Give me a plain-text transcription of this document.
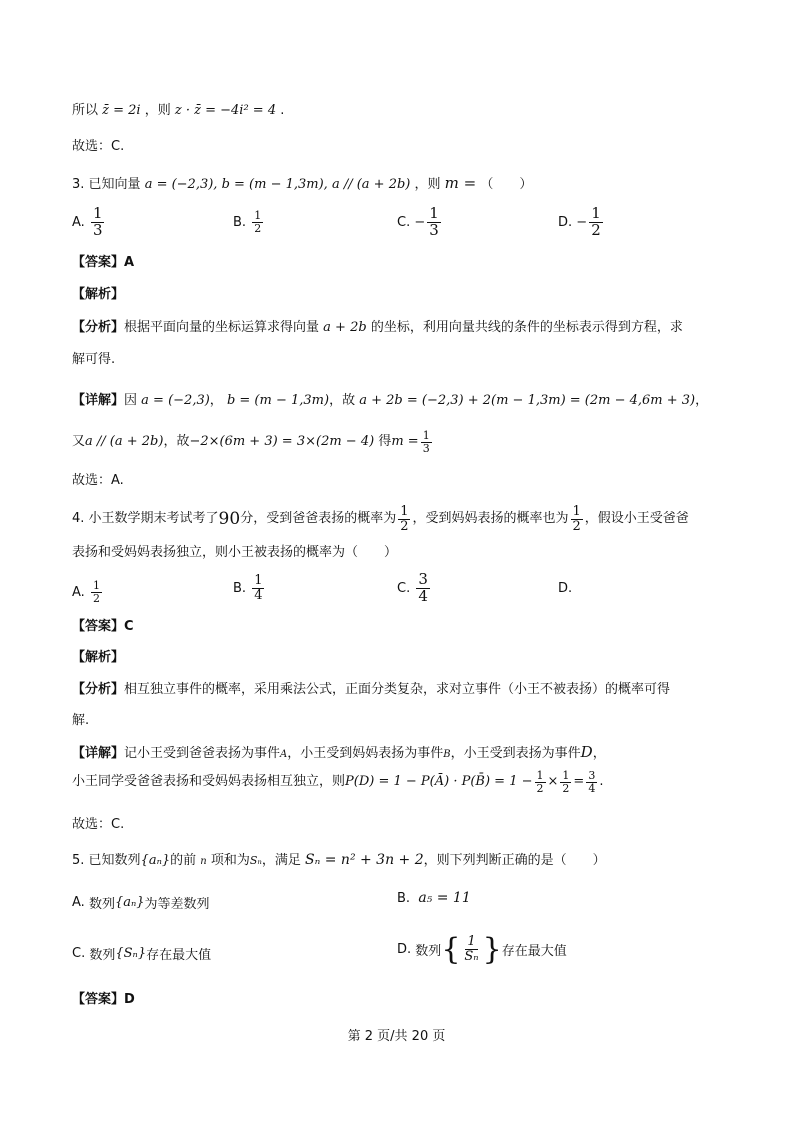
所以 z̄ = 2i ，则 z · z̄ = −4i² = 4 .
故选：C.
3. 已知向量 a = (−2,3), b = (m − 1,3m), a // (a + 2b) ，则 m = （　　）
A.
$\frac{1}{3}$	B.
$\frac{1}{2}$	C.
− $\frac{1}{3}$	D.
− $\frac{1}{2}$
【答案】A
【解析】
【分析】根据平面向量的坐标运算求得向量 a + 2b 的坐标，利用向量共线的条件的坐标表示得到方程，求
解可得.
【详解】因 a = (−2,3)， b = (m − 1,3m)，故 a + 2b = (−2,3) + 2(m − 1,3m) = (2m − 4,6m + 3)，
又 a // (a + 2b) ，故 −2×(6m + 3) = 3×(2m − 4)
得 $m = \frac{1}{3}$
故选：A.
4. 小王数学期末考试考了 90 分，受到爸爸表扬的概率为 $\frac{1}{2}$ ，受到妈妈表扬的概率也为 $\frac{1}{2}$ ，假设小王受爸爸
表扬和受妈妈表扬独立，则小王被表扬的概率为（　　）
A.
$\frac{1}{2}$	B.
$\frac{1}{4}$	C.
$\frac{3}{4}$	D.
【答案】C
【解析】
【分析】相互独立事件的概率，采用乘法公式，正面分类复杂，求对立事件（小王不被表扬）的概率可得
解.
【详解】记小王受到爸爸表扬为事件A，小王受到妈妈表扬为事件B，小王受到表扬为事件D，
小王同学受爸爸表扬和受妈妈表扬相互独立，则 P(D) = 1 − P(Ā) · P(B̄) = $1 - \frac{1}{2} \times \frac{1}{2} = \frac{3}{4}$ .
故选：C.
5. 已知数列{aₙ}的前 n 项和为Sₙ，满足 Sₙ = n² + 3n + 2，则下列判断正确的是（　　）
A.
数列 {aₙ} 为等差数列	B.
a₅ = 11
C.
数列 {Sₙ} 存在最大值	D.
数列 { $\frac{1}{\text{Sₙ}}$ } 存在最大值
【答案】D
第 2 页/共 20 页
